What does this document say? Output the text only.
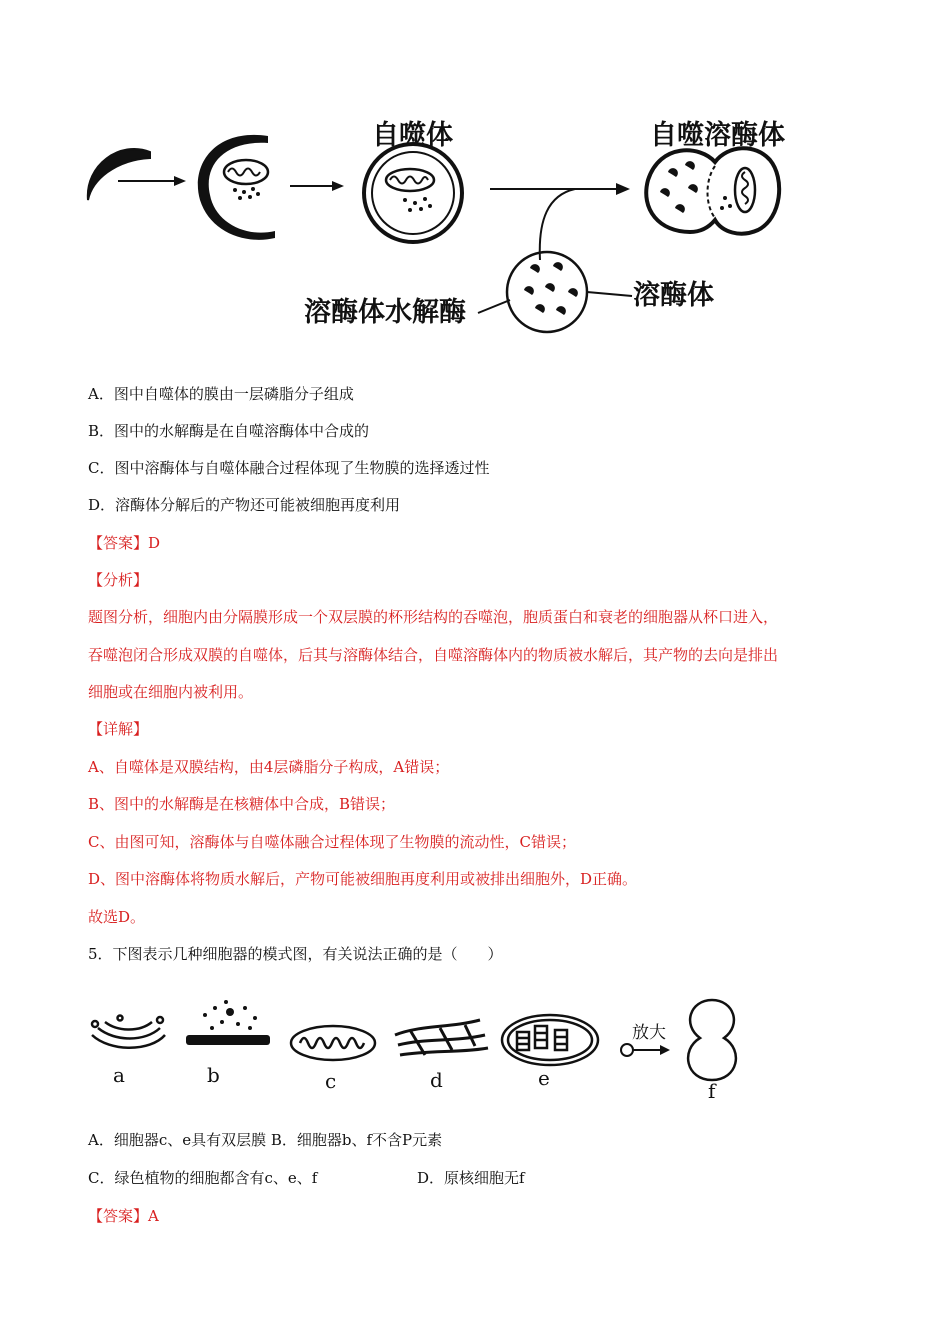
自噬体	自噬溶酶体
溶酶体
溶酶体水解酶
A．图中自噬体的膜由一层磷脂分子组成
B．图中的水解酶是在自噬溶酶体中合成的
C．图中溶酶体与自噬体融合过程体现了生物膜的选择透过性
D．溶酶体分解后的产物还可能被细胞再度利用
【答案】D
【分析】
题图分析，细胞内由分隔膜形成一个双层膜的杯形结构的吞噬泡，胞质蛋白和衰老的细胞器从杯口进入，
吞噬泡闭合形成双膜的自噬体，后其与溶酶体结合，自噬溶酶体内的物质被水解后，其产物的去向是排出
细胞或在细胞内被利用。
【详解】
A、自噬体是双膜结构，由4层磷脂分子构成，A错误；
B、图中的水解酶是在核糖体中合成，B错误；
C、由图可知，溶酶体与自噬体融合过程体现了生物膜的流动性，C错误；
D、图中溶酶体将物质水解后，产物可能被细胞再度利用或被排出细胞外，D正确。
故选D。
5．下图表示几种细胞器的模式图，有关说法正确的是（　　）
放大
a	b	c	d	e
f
A．细胞器c、e具有双层膜 B．细胞器b、f不含P元素
C．绿色植物的细胞都含有c、e、f	D．原核细胞无f
【答案】A
